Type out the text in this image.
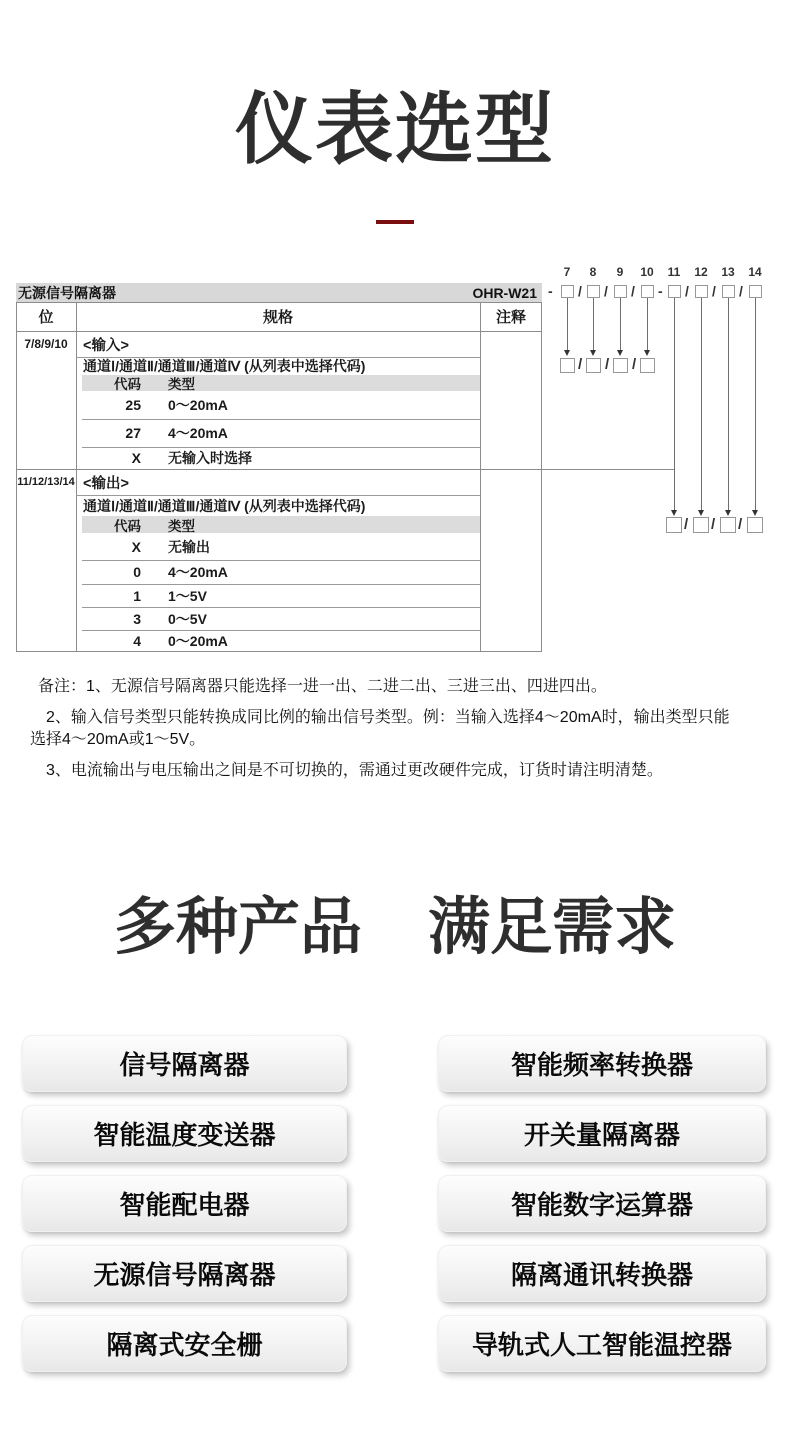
仪表选型
无源信号隔离器	OHR-W21
位	规格	注释
7/8/9/10	<输入>
通道Ⅰ/通道Ⅱ/通道Ⅲ/通道Ⅳ (从列表中选择代码)
代码 类型
25 0～20mA
27 4～20mA
X 无输入时选择
11/12/13/14 <输出>
通道Ⅰ/通道Ⅱ/通道Ⅲ/通道Ⅳ (从列表中选择代码)
代码 类型
X 无输出
0 4～20mA
1 1～5V
3 0～5V
4 0～20mA
7	8	9	10	11	12 13 14
- / / / - / / /
/ / /
/ / /

备注：1、无源信号隔离器只能选择一进一出、二进二出、三进三出、四进四出。

2、输入信号类型只能转换成同比例的输出信号类型。例：当输入选择4～20mA时，输出类型只能选择4～20mA或1～5V。

3、电流输出与电压输出之间是不可切换的，需通过更改硬件完成，订货时请注明清楚。

多种产品 满足需求
信号隔离器
智能温度变送器
智能配电器
无源信号隔离器
隔离式安全栅
智能频率转换器
开关量隔离器
智能数字运算器
隔离通讯转换器
导轨式人工智能温控器
